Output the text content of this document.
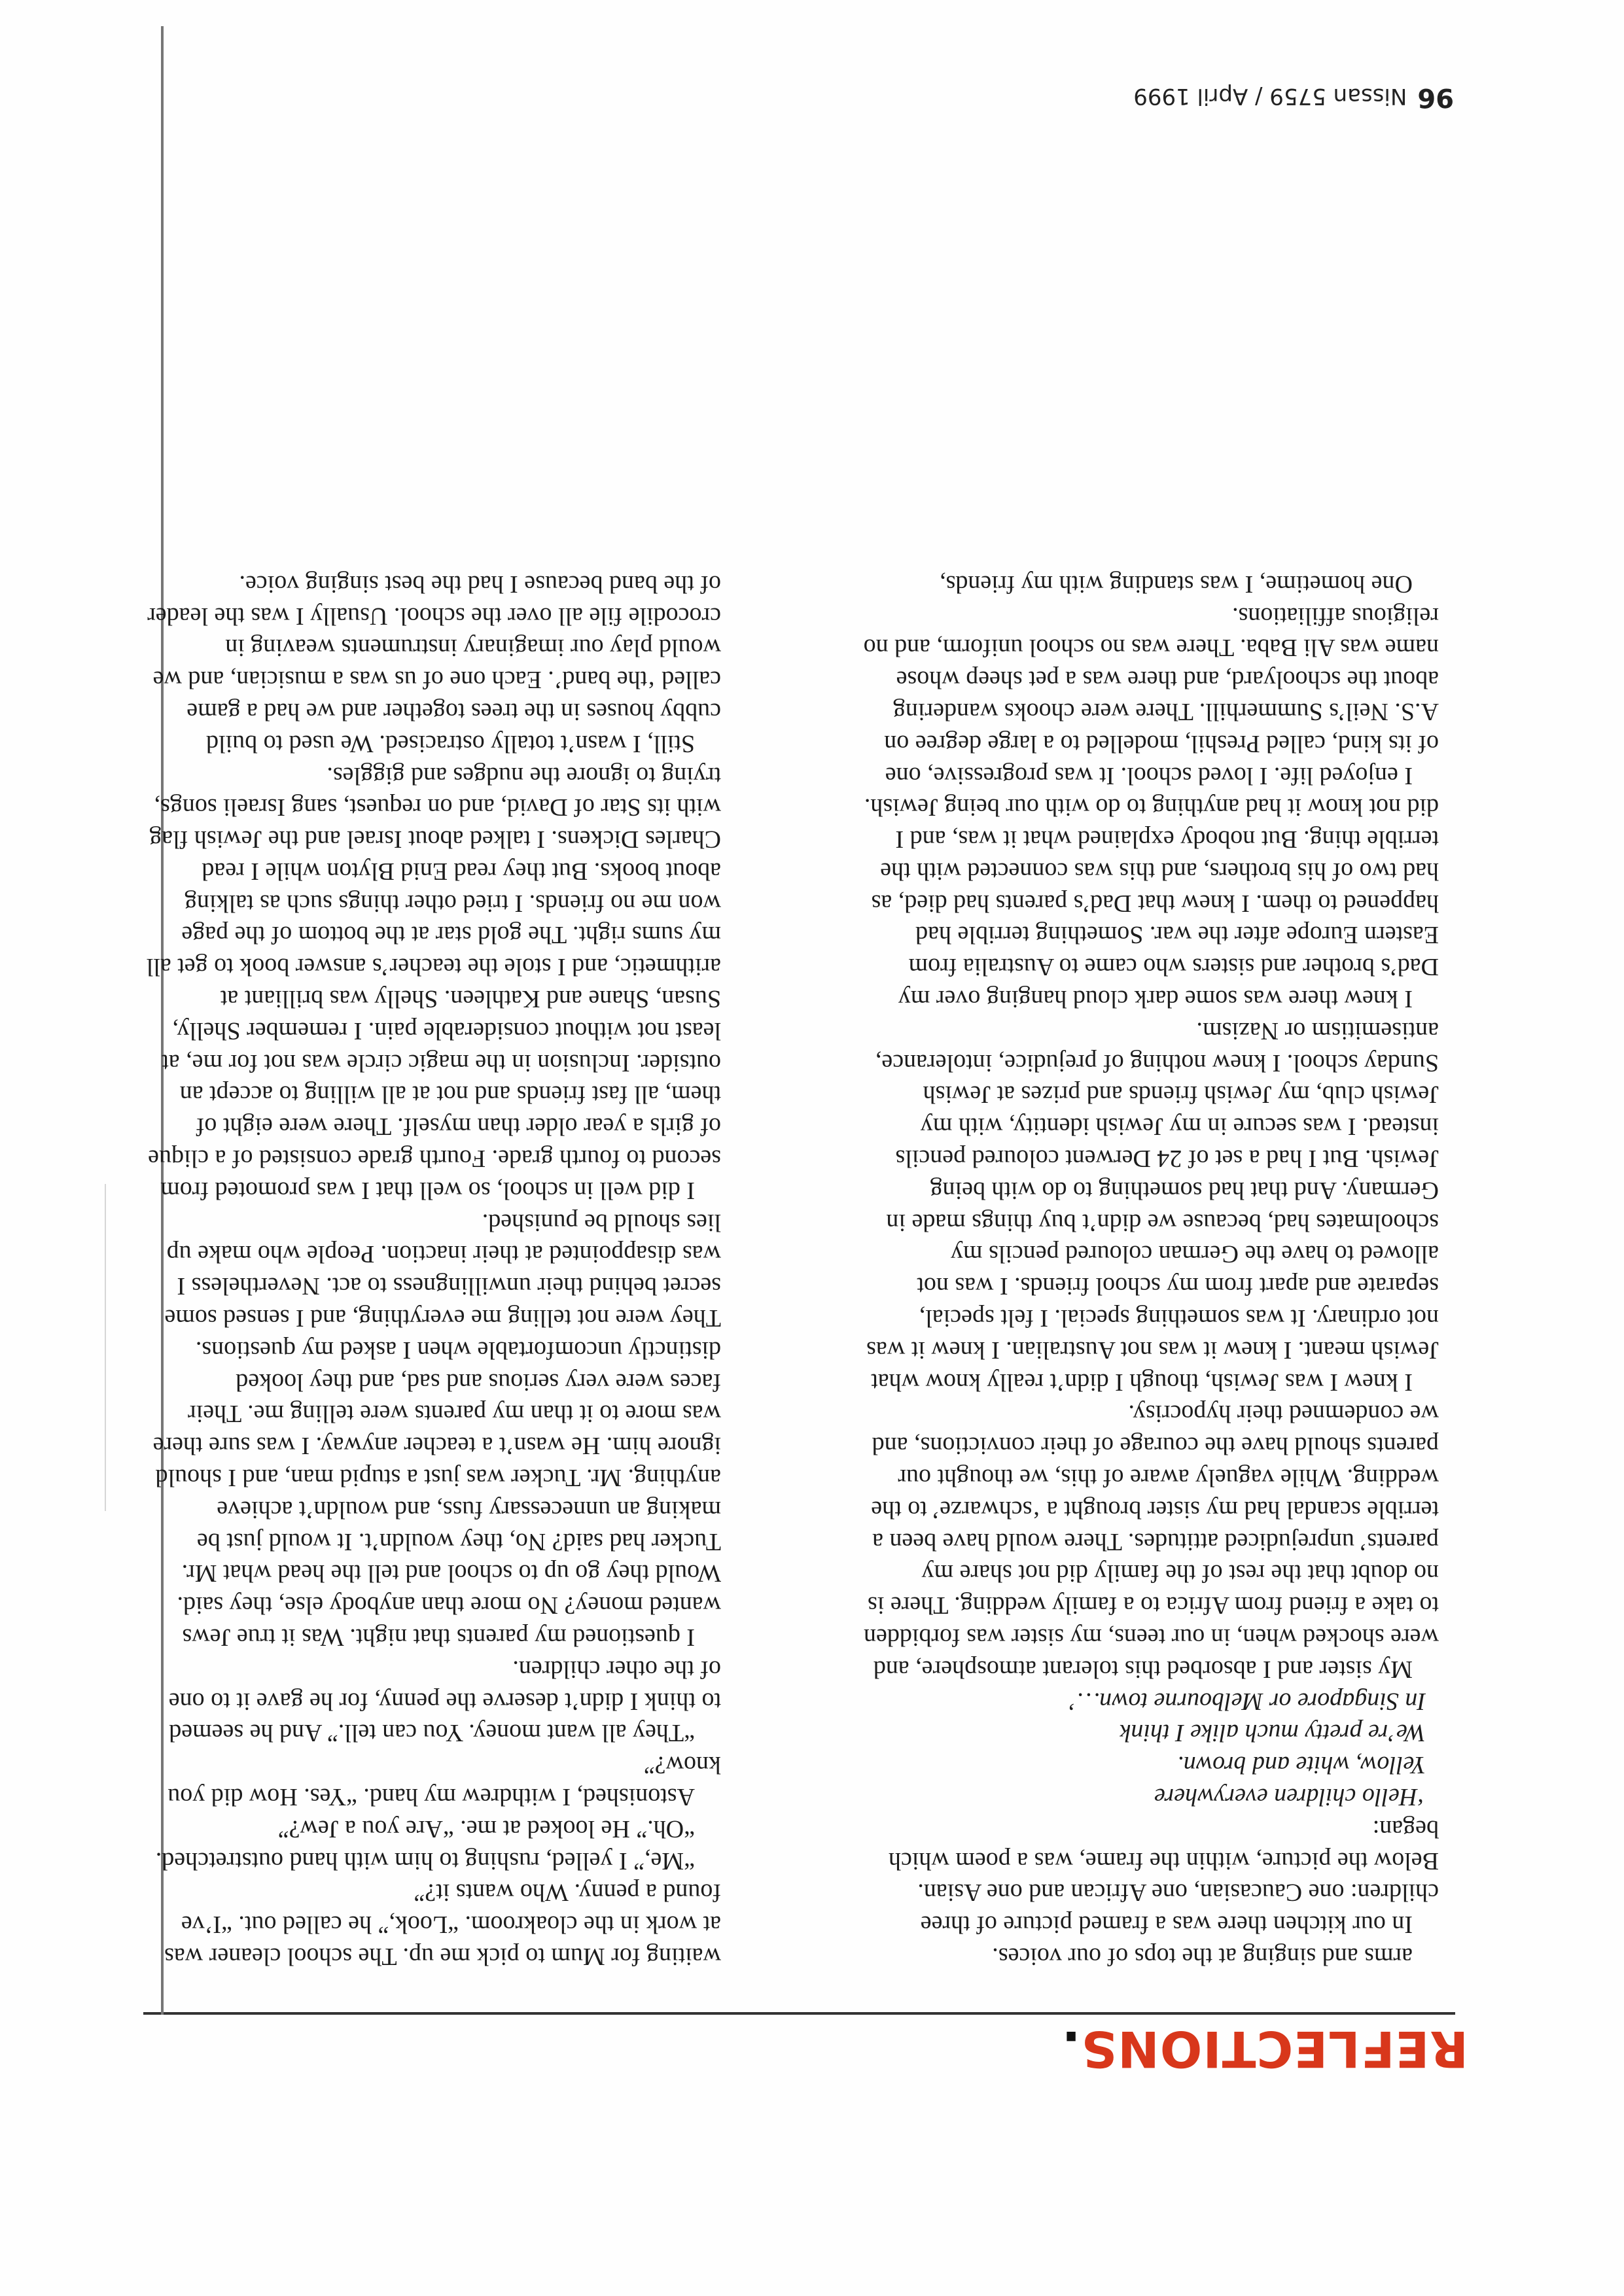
REFLECTIONS.

arms and singing at the tops of our voices.

In our kitchen there was a framed picture of three children: one Caucasian, one African and one Asian. Below the picture, within the frame, was a poem which began:

‘Hello children everywhere
Yellow, white and brown.
We’re pretty much alike I think
In Singapore or Melbourne town…’

My sister and I absorbed this tolerant atmosphere, and were shocked when, in our teens, my sister was forbidden to take a friend from Africa to a family wedding. There is no doubt that the rest of the family did not share my parents’ unprejudiced attitudes. There would have been a terrible scandal had my sister brought a ‘schwarze’ to the wedding. While vaguely aware of this, we thought our parents should have the courage of their convictions, and we condemned their hypocrisy.

I knew I was Jewish, though I didn’t really know what Jewish meant. I knew it was not Australian. I knew it was not ordinary. It was something special. I felt special, separate and apart from my school friends. I was not allowed to have the German coloured pencils my schoolmates had, because we didn’t buy things made in Germany. And that had something to do with being Jewish. But I had a set of 24 Derwent coloured pencils instead. I was secure in my Jewish identity, with my Jewish club, my Jewish friends and prizes at Jewish Sunday school. I knew nothing of prejudice, intolerance, antisemitism or Nazism.

I knew there was some dark cloud hanging over my Dad’s brother and sisters who came to Australia from Eastern Europe after the war. Something terrible had happened to them. I knew that Dad’s parents had died, as had two of his brothers, and this was connected with the terrible thing. But nobody explained what it was, and I did not know it had anything to do with our being Jewish.

I enjoyed life. I loved school. It was progressive, one of its kind, called Preshil, modelled to a large degree on A.S. Neil’s Summerhill. There were chooks wandering about the schoolyard, and there was a pet sheep whose name was Ali Baba. There was no school uniform, and no religious affiliations.

One hometime, I was standing with my friends,

waiting for Mum to pick me up. The school cleaner was at work in the cloakroom. “Look,” he called out. “I’ve found a penny. Who wants it?”

“Me,” I yelled, rushing to him with hand outstretched.

“Oh.” He looked at me. “Are you a Jew?”

Astonished, I withdrew my hand. “Yes. How did you know?”

“They all want money. You can tell.” And he seemed to think I didn’t deserve the penny, for he gave it to one of the other children.

I questioned my parents that night. Was it true Jews wanted money? No more than anybody else, they said. Would they go up to school and tell the head what Mr. Tucker had said? No, they wouldn’t. It would just be making an unnecessary fuss, and wouldn’t achieve anything. Mr. Tucker was just a stupid man, and I should ignore him. He wasn’t a teacher anyway. I was sure there was more to it than my parents were telling me. Their faces were very serious and sad, and they looked distinctly uncomfortable when I asked my questions. They were not telling me everything, and I sensed some secret behind their unwillingness to act. Nevertheless I was disappointed at their inaction. People who make up lies should be punished.

I did well in school, so well that I was promoted from second to fourth grade. Fourth grade consisted of a clique of girls a year older than myself. There were eight of them, all fast friends and not at all willing to accept an outsider. Inclusion in the magic circle was not for me, at least not without considerable pain. I remember Shelly, Susan, Shane and Kathleen. Shelly was brilliant at arithmetic, and I stole the teacher’s answer book to get all my sums right. The gold star at the bottom of the page won me no friends. I tried other things such as talking about books. But they read Enid Blyton while I read Charles Dickens. I talked about Israel and the Jewish flag with its Star of David, and on request, sang Israeli songs, trying to ignore the nudges and giggles.

Still, I wasn’t totally ostracised. We used to build cubby houses in the trees together and we had a game called ‘the band’. Each one of us was a musician, and we would play our imaginary instruments weaving in crocodile file all over the school. Usually I was the leader of the band because I had the best singing voice.

96Nissan 5759 / April 1999
